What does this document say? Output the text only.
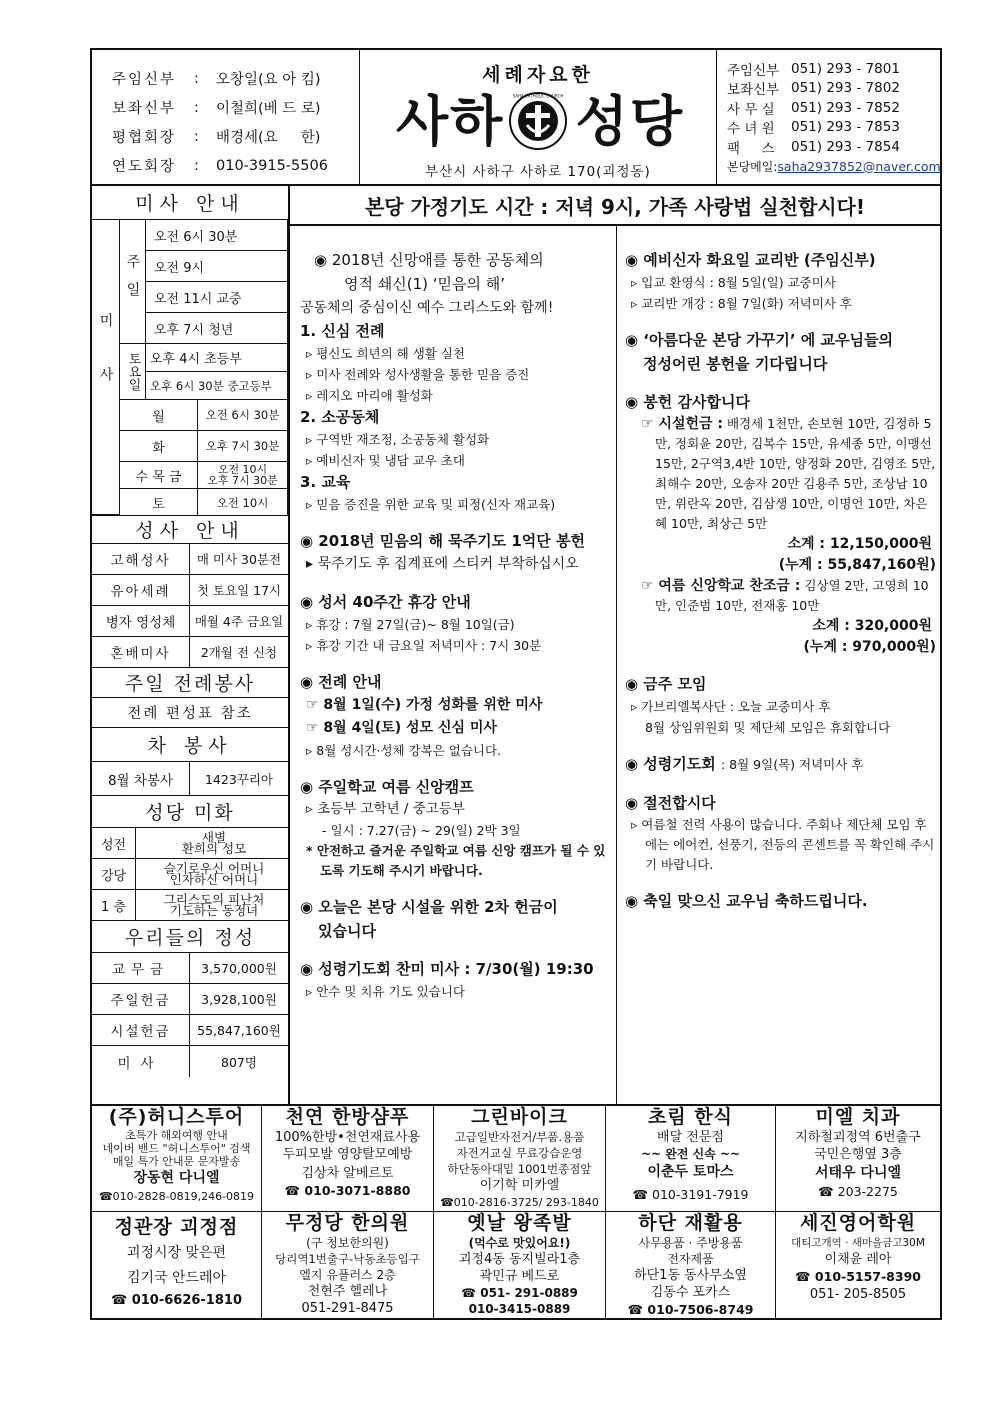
주임신부	:	오창일(요 아 킴)
보좌신부	:	이철희(베 드 로)
평협회장	:	배경세(요     한)
연도회장	:	010-3915-5506
세례자요한
사하 SAHA CATHOLIC CHURCH 성당
부산시 사하구 사하로 170(괴정동)
주임신부 051) 293 - 7801
보좌신부 051) 293 - 7802
사 무 실	051) 293 - 7852
수 녀 원	051) 293 - 7853
팩     스	051) 293 - 7854
본당메일:saha2937852@naver.com
미사 안내
미사
주일
오전 6시 30분
오전 9시
오전 11시 교중
오후 7시 청년
토요일 오후 4시 초등부
오후 6시 30분 중고등부
월	오전 6시 30분
화	오후 7시 30분
수 목 금	오전 10시
오후 7시 30분
토	오전 10시
성사 안내
고해성사	매 미사 30분전
유아세례	첫 토요일 17시
병자 영성체	매월 4주 금요일
혼배미사	2개월 전 신청
주일 전례봉사
전례 편성표 참조
차 봉사
8월 차봉사	1423꾸리아
성당 미화
성전	새별
환희의 성모
강당	슬기로우신 어머니
인자하신 어머니
1 층	그리스도의 피난처
기도하는 동정녀
우리들의 정성
교무금	3,570,000원
주일헌금	3,928,100원
시설헌금	55,847,160원
미사	807명
본당 가정기도 시간 : 저녁 9시, 가족 사랑법 실천합시다!
◉ 2018년 신망애를 통한 공동체의
영적 쇄신(1) ‘믿음의 해’
공동체의 중심이신 예수 그리스도와 함께!
1. 신심 전례
▹ 평신도 희년의 해 생활 실천
▹ 미사 전례와 성사생활을 통한 믿음 증진
▹ 레지오 마리애 활성화
2. 소공동체
▹ 구역반 재조정, 소공동체 활성화
▹ 예비신자 및 냉담 교우 초대
3. 교육
▹ 믿음 증진을 위한 교육 및 피정(신자 재교육)
◉ 2018년 믿음의 해 묵주기도 1억단 봉헌
▸ 묵주기도 후 집계표에 스티커 부착하십시오
◉ 성서 40주간 휴강 안내
▹ 휴강 : 7월 27일(금)~ 8월 10일(금)
▹ 휴강 기간 내 금요일 저녁미사 : 7시 30분
◉ 전례 안내
☞ 8월 1일(수) 가정 성화를 위한 미사
☞ 8월 4일(토) 성모 신심 미사
▹ 8월 성시간·성체 강복은 없습니다.
◉ 주일학교 여름 신앙캠프
▹ 초등부 고학년 / 중고등부
- 일시 : 7.27(금) ~ 29(일) 2박 3일
* 안전하고 즐거운 주일학교 여름 신앙 캠프가 될 수 있도록 기도해 주시기 바랍니다.
◉ 오늘은 본당 시설을 위한 2차 헌금이
있습니다
◉ 성령기도회 찬미 미사 : 7/30(월) 19:30
▹ 안수 및 치유 기도 있습니다
◉ 예비신자 화요일 교리반 (주임신부)
▹ 입교 환영식 : 8월 5일(일) 교중미사
▹ 교리반 개강 : 8월 7일(화) 저녁미사 후
◉ ‘아름다운 본당 가꾸기’ 에 교우님들의
정성어린 봉헌을 기다립니다
◉ 봉헌 감사합니다
☞ 시설헌금 : 배경세 1천만, 손보현 10만, 김정하 5만, 정회윤 20만, 김복수 15만, 유세종 5만, 이맹선 15만, 2구역3,4반 10만, 양정화 20만, 김영조 5만, 최해수 20만, 오송자 20만 김용주 5만, 조상남 10만, 위란옥 20만, 김삼생 10만, 이명언 10만, 차은혜 10만, 최상근 5만
소계 : 12,150,000원
(누계 : 55,847,160원)
☞ 여름 신앙학교 찬조금 : 김상열 2만, 고영희 10만, 인준범 10만, 전재홍 10만
소계 : 320,000원
(누계 : 970,000원)
◉ 금주 모임
▹ 가브리엘복사단 : 오늘 교중미사 후
8월 상임위원회 및 제단체 모임은 휴회합니다
◉ 성령기도회 : 8월 9일(목) 저녁미사 후
◉ 절전합시다
▹ 여름철 전력 사용이 많습니다. 주회나 제단체 모임 후에는 에어컨, 선풍기, 전등의 콘센트를 꼭 확인해 주시기 바랍니다.
◉ 축일 맞으신 교우님 축하드립니다.
(주)허니스투어
초특가 해외여행 안내
네이버 밴드 "허니스투어" 검색
매일 특가 안내문 문자발송
장동현 다니엘
☎010-2828-0819,246-0819
천연 한방샴푸
100%한방•천연재료사용
두피모발 영양탈모예방
김상차 알베르토
☎ 010-3071-8880
그린바이크
고급일반자전거/부품.용품
자전거교실 무료강습운영
하단동아대밑 1001번종점앞
이기학 미카엘
☎010-2816-3725/ 293-1840
초림 한식
배달 전문점
~~ 완전 신속 ~~
이춘두 토마스
☎ 010-3191-7919
미엘 치과
지하철괴정역 6번출구
국민은행옆 3층
서태우 다니엘
☎ 203-2275
정관장 괴정점
괴정시장 맞은편
김기국 안드레아
☎ 010-6626-1810
무정당 한의원
(구 청보한의원)
당리역1번출구-낙동초등입구
엘지 유플러스 2층
천현주 헬레나
051-291-8475
옛날 왕족발
(먹수로 맛있어요!)
괴정4동 동지빌라1층
곽민규 베드로
☎ 051- 291-0889
010-3415-0889
하단 재활용
사무용품 · 주방용품
전자제품
하단1동 동사무소옆
김동수 포카스
☎ 010-7506-8749
세진영어학원
대티고개역 · 새마을금고30M
이채윤 레아
☎ 010-5157-8390
051- 205-8505
